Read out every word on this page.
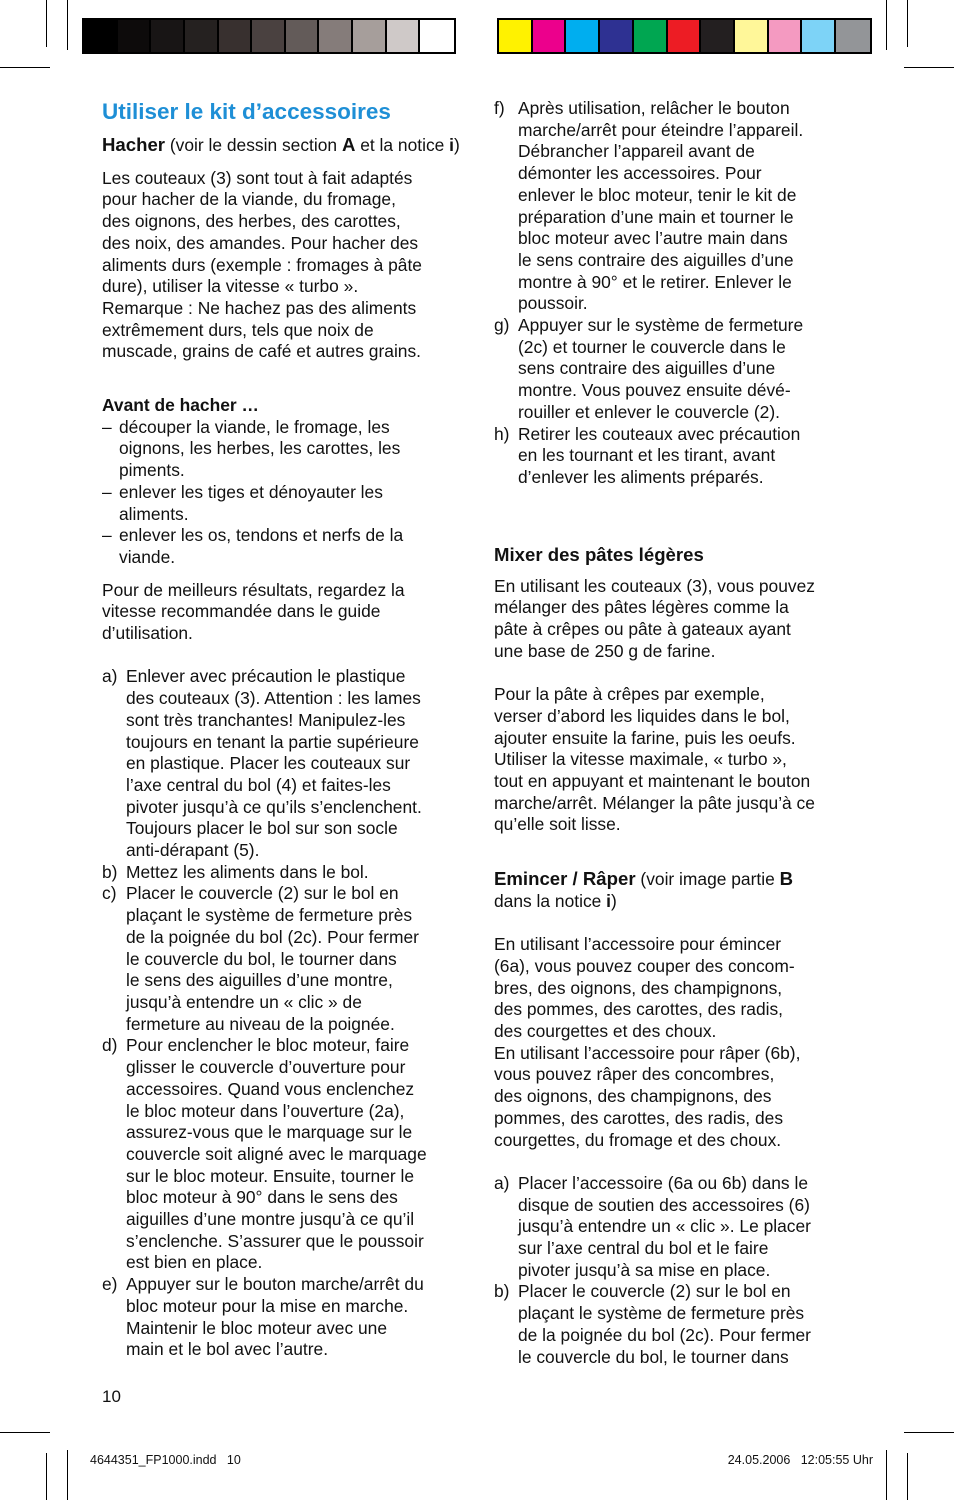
Utiliser le kit d’accessoires

Hacher (voir le dessin section A et la notice i)

Les couteaux (3) sont tout à fait adaptés
pour hacher de la viande, du fromage,
des oignons, des herbes, des carottes,
des noix, des amandes. Pour hacher des
aliments durs (exemple : fromages à pâte
dure), utiliser la vitesse « turbo ».
Remarque : Ne hachez pas des aliments
extrêmement durs, tels que noix de
muscade, grains de café et autres grains.

Avant de hacher …

– découper la viande, le fromage, les
oignons, les herbes, les carottes, les
piments.
– enlever les tiges et dénoyauter les
aliments.
– enlever les os, tendons et nerfs de la
viande.
Pour de meilleurs résultats, regardez la
vitesse recommandée dans le guide
d’utilisation.
a) Enlever avec précaution le plastique
des couteaux (3). Attention : les lames
sont très tranchantes! Manipulez-les
toujours en tenant la partie supérieure
en plastique. Placer les couteaux sur
l’axe central du bol (4) et faites-les
pivoter jusqu’à ce qu’ils s’enclenchent.
Toujours placer le bol sur son socle
anti-dérapant (5).
b) Mettez les aliments dans le bol.
c) Placer le couvercle (2) sur le bol en
plaçant le système de fermeture près
de la poignée du bol (2c). Pour fermer
le couvercle du bol, le tourner dans
le sens des aiguilles d’une montre,
jusqu’à entendre un « clic » de
fermeture au niveau de la poignée.
d) Pour enclencher le bloc moteur, faire
glisser le couvercle d’ouverture pour
accessoires. Quand vous enclenchez
le bloc moteur dans l’ouverture (2a),
assurez-vous que le marquage sur le
couvercle soit aligné avec le marquage
sur le bloc moteur. Ensuite, tourner le
bloc moteur à 90° dans le sens des
aiguilles d’une montre jusqu’à ce qu’il
s’enclenche. S’assurer que le poussoir
est bien en place.
e) Appuyer sur le bouton marche/arrêt du
bloc moteur pour la mise en marche.
Maintenir le bloc moteur avec une
main et le bol avec l’autre.
f) Après utilisation, relâcher le bouton
marche/arrêt pour éteindre l’appareil.
Débrancher l’appareil avant de
démonter les accessoires. Pour
enlever le bloc moteur, tenir le kit de
préparation d’une main et tourner le
bloc moteur avec l’autre main dans
le sens contraire des aiguilles d’une
montre à 90° et le retirer. Enlever le
poussoir.
g) Appuyer sur le système de fermeture
(2c) et tourner le couvercle dans le
sens contraire des aiguilles d’une
montre. Vous pouvez ensuite dévé-
rouiller et enlever le couvercle (2).
h) Retirer les couteaux avec précaution
en les tournant et les tirant, avant
d’enlever les aliments préparés.
Mixer des pâtes légères
En utilisant les couteaux (3), vous pouvez
mélanger des pâtes légères comme la
pâte à crêpes ou pâte à gateaux ayant
une base de 250 g de farine.
Pour la pâte à crêpes par exemple,
verser d’abord les liquides dans le bol,
ajouter ensuite la farine, puis les oeufs.
Utiliser la vitesse maximale, « turbo »,
tout en appuyant et maintenant le bouton
marche/arrêt. Mélanger la pâte jusqu’à ce
qu’elle soit lisse.

Emincer / Râper (voir image partie B
dans la notice i)

En utilisant l’accessoire pour émincer
(6a), vous pouvez couper des concom-
bres, des oignons, des champignons,
des pommes, des carottes, des radis,
des courgettes et des choux.
En utilisant l’accessoire pour râper (6b),
vous pouvez râper des concombres,
des oignons, des champignons, des
pommes, des carottes, des radis, des
courgettes, du fromage et des choux.
a) Placer l’accessoire (6a ou 6b) dans le
disque de soutien des accessoires (6)
jusqu’à entendre un « clic ». Le placer
sur l’axe central du bol et le faire
pivoter jusqu’à sa mise en place.
b) Placer le couvercle (2) sur le bol en
plaçant le système de fermeture près
de la poignée du bol (2c). Pour fermer
le couvercle du bol, le tourner dans
10
4644351_FP1000.indd   10	24.05.2006   12:05:55 Uhr
